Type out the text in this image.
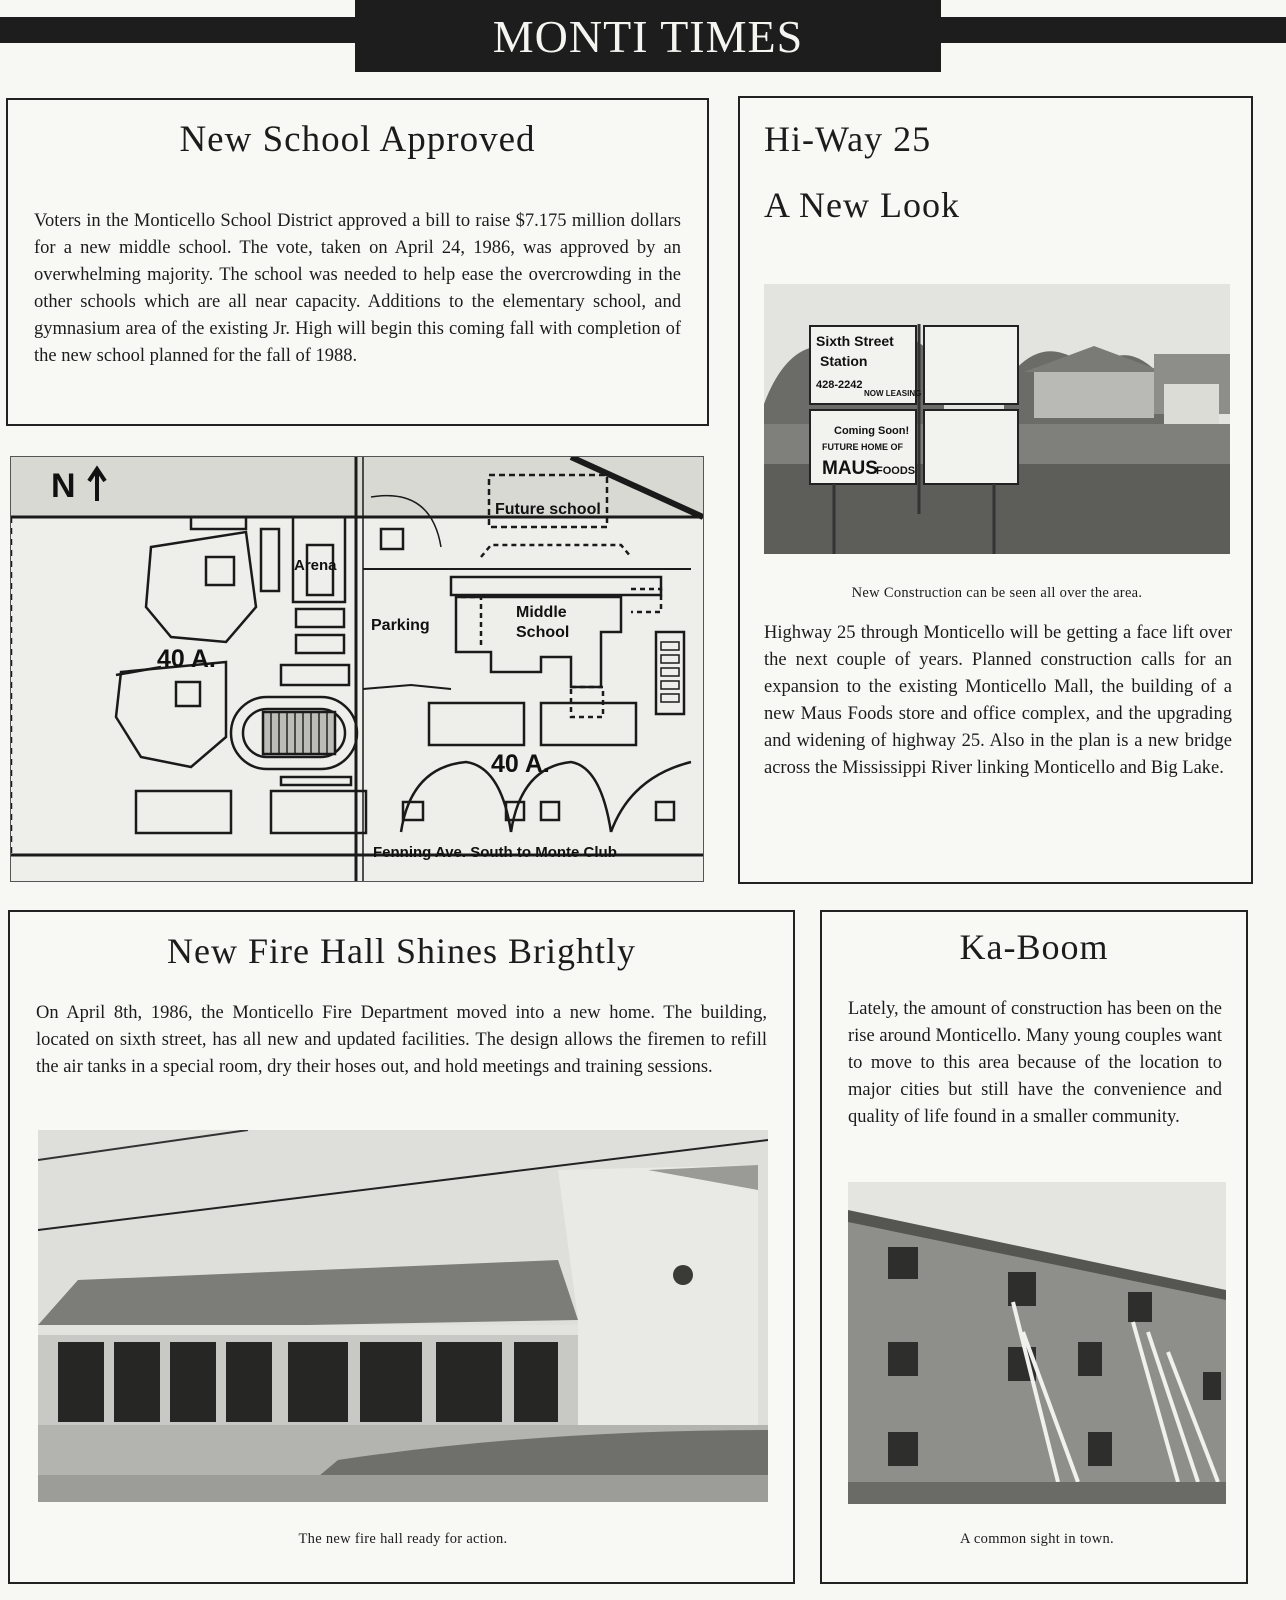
MONTI TIMES
New School Approved

Voters in the Monticello School District approved a bill to raise $7.175 million dollars for a new middle school. The vote, taken on April 24, 1986, was approved by an overwhelming majority. The school was needed to help ease the overcrowding in the other schools which are all near capacity. Additions to the elementary school, and gymnasium area of the existing Jr. High will begin this coming fall with completion of the new school planned for the fall of 1988.

N
Future school
Arena
Parking
Middle
School
40 A.
40 A.
Fenning Ave. South to Monte Club
Hi-Way 25
A New Look
Sixth Street
Station
428-2242
NOW LEASING
Coming Soon!
FUTURE HOME OF
MAUS
FOODS
New Construction can be seen all over the area.

Highway 25 through Monticello will be getting a face lift over the next couple of years. Planned construction calls for an expansion to the existing Monticello Mall, the building of a new Maus Foods store and office complex, and the upgrading and widening of highway 25. Also in the plan is a new bridge across the Mississippi River linking Monticello and Big Lake.

New Fire Hall Shines Brightly

On April 8th, 1986, the Monticello Fire Department moved into a new home. The building, located on sixth street, has all new and updated facilities. The design allows the firemen to refill the air tanks in a special room, dry their hoses out, and hold meetings and training sessions.

The new fire hall ready for action.
Ka-Boom

Lately, the amount of construction has been on the rise around Monticello. Many young couples want to move to this area because of the location to major cities but still have the convenience and quality of life found in a smaller community.

A common sight in town.
